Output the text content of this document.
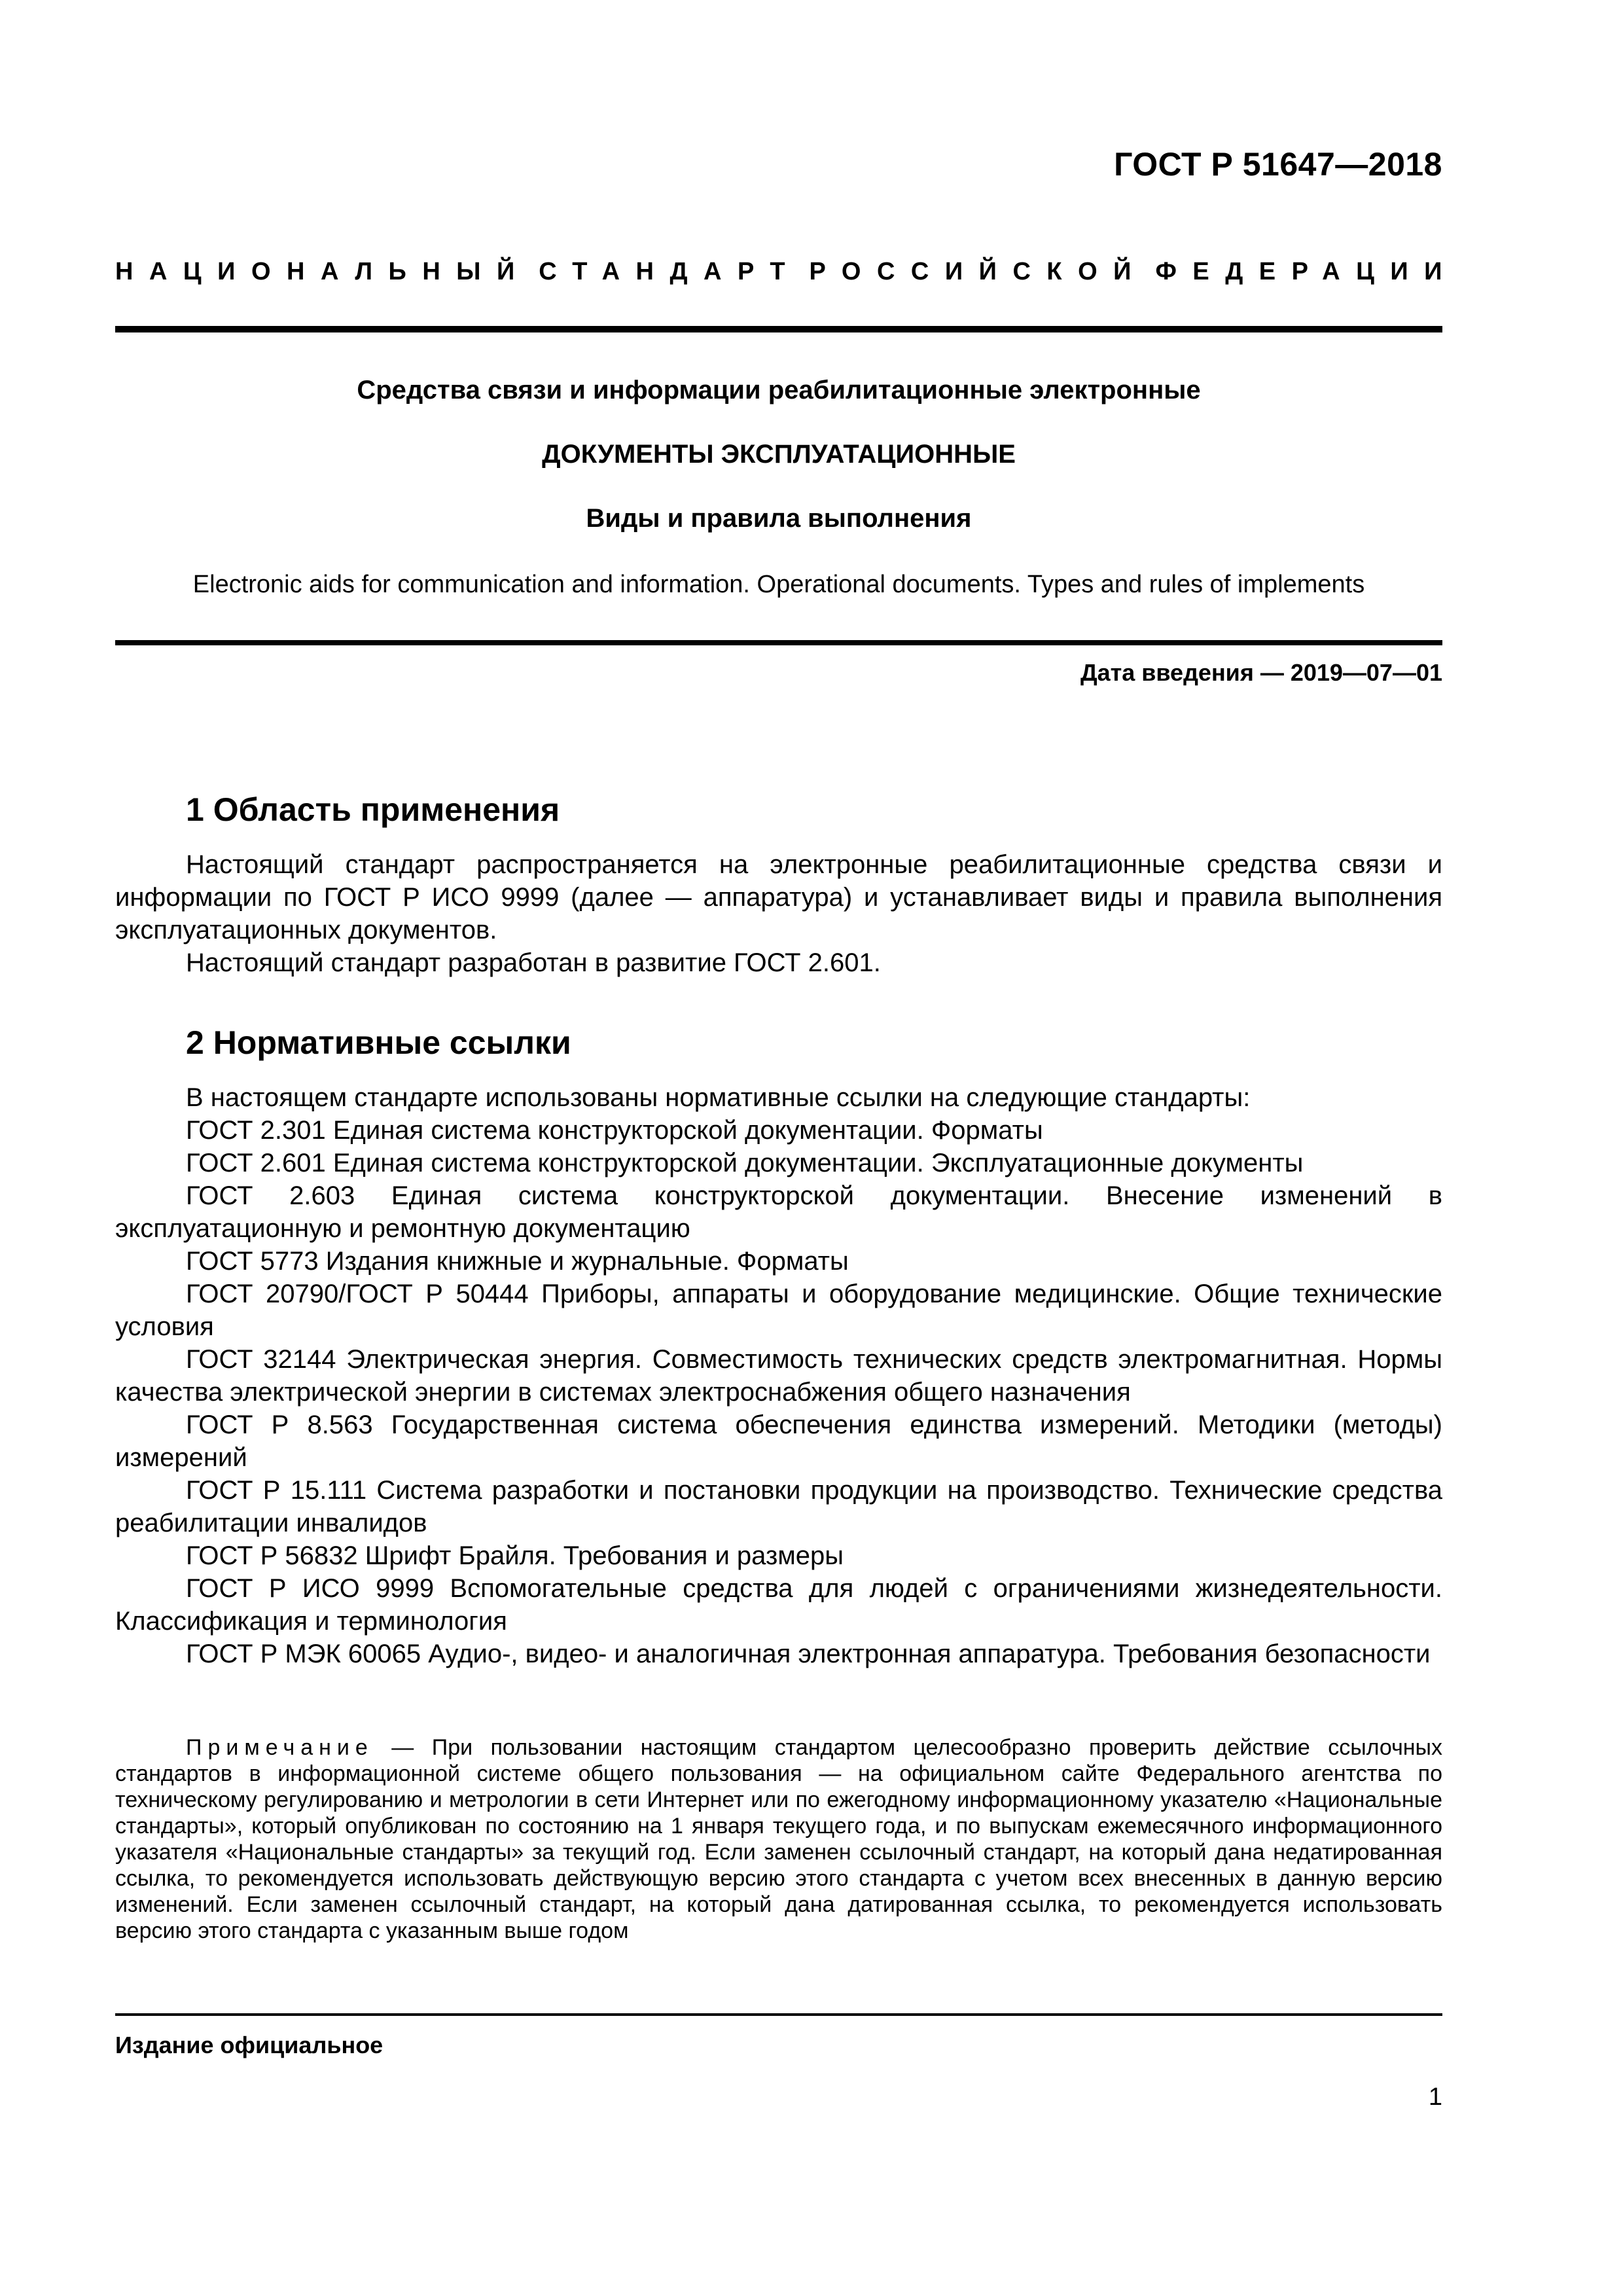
ГОСТ Р 51647—2018
НАЦИОНАЛЬНЫЙ СТАНДАРТ РОССИЙСКОЙ ФЕДЕРАЦИИ
Средства связи и информации реабилитационные электронные
ДОКУМЕНТЫ ЭКСПЛУАТАЦИОННЫЕ
Виды и правила выполнения
Electronic aids for communication and information. Operational documents. Types and rules of implements
Дата введения — 2019—07—01
1 Область применения

Настоящий стандарт распространяется на электронные реабилитационные средства связи и информации по ГОСТ Р ИСО 9999 (далее — аппаратура) и устанавливает виды и правила выполнения эксплуатационных документов.

Настоящий стандарт разработан в развитие ГОСТ 2.601.

2 Нормативные ссылки

В настоящем стандарте использованы нормативные ссылки на следующие стандарты:

ГОСТ 2.301 Единая система конструкторской документации. Форматы

ГОСТ 2.601 Единая система конструкторской документации. Эксплуатационные документы

ГОСТ 2.603 Единая система конструкторской документации. Внесение изменений в эксплуатационную и ремонтную документацию

ГОСТ 5773 Издания книжные и журнальные. Форматы

ГОСТ 20790/ГОСТ Р 50444 Приборы, аппараты и оборудование медицинские. Общие технические условия

ГОСТ 32144 Электрическая энергия. Совместимость технических средств электромагнитная. Нормы качества электрической энергии в системах электроснабжения общего назначения

ГОСТ Р 8.563 Государственная система обеспечения единства измерений. Методики (методы) измерений

ГОСТ Р 15.111 Система разработки и постановки продукции на производство. Технические средства реабилитации инвалидов

ГОСТ Р 56832 Шрифт Брайля. Требования и размеры

ГОСТ Р ИСО 9999 Вспомогательные средства для людей с ограничениями жизнедеятельности. Классификация и терминология

ГОСТ Р МЭК 60065 Аудио-, видео- и аналогичная электронная аппаратура. Требования безопасности

Примечание — При пользовании настоящим стандартом целесообразно проверить действие ссылочных стандартов в информационной системе общего пользования — на официальном сайте Федерального агентства по техническому регулированию и метрологии в сети Интернет или по ежегодному информационному указателю «Национальные стандарты», который опубликован по состоянию на 1 января текущего года, и по выпускам ежемесячного информационного указателя «Национальные стандарты» за текущий год. Если заменен ссылочный стандарт, на который дана недатированная ссылка, то рекомендуется использовать действующую версию этого стандарта с учетом всех внесенных в данную версию изменений. Если заменен ссылочный стандарт, на который дана датированная ссылка, то рекомендуется использовать версию этого стандарта с указанным выше годом

Издание официальное
1
